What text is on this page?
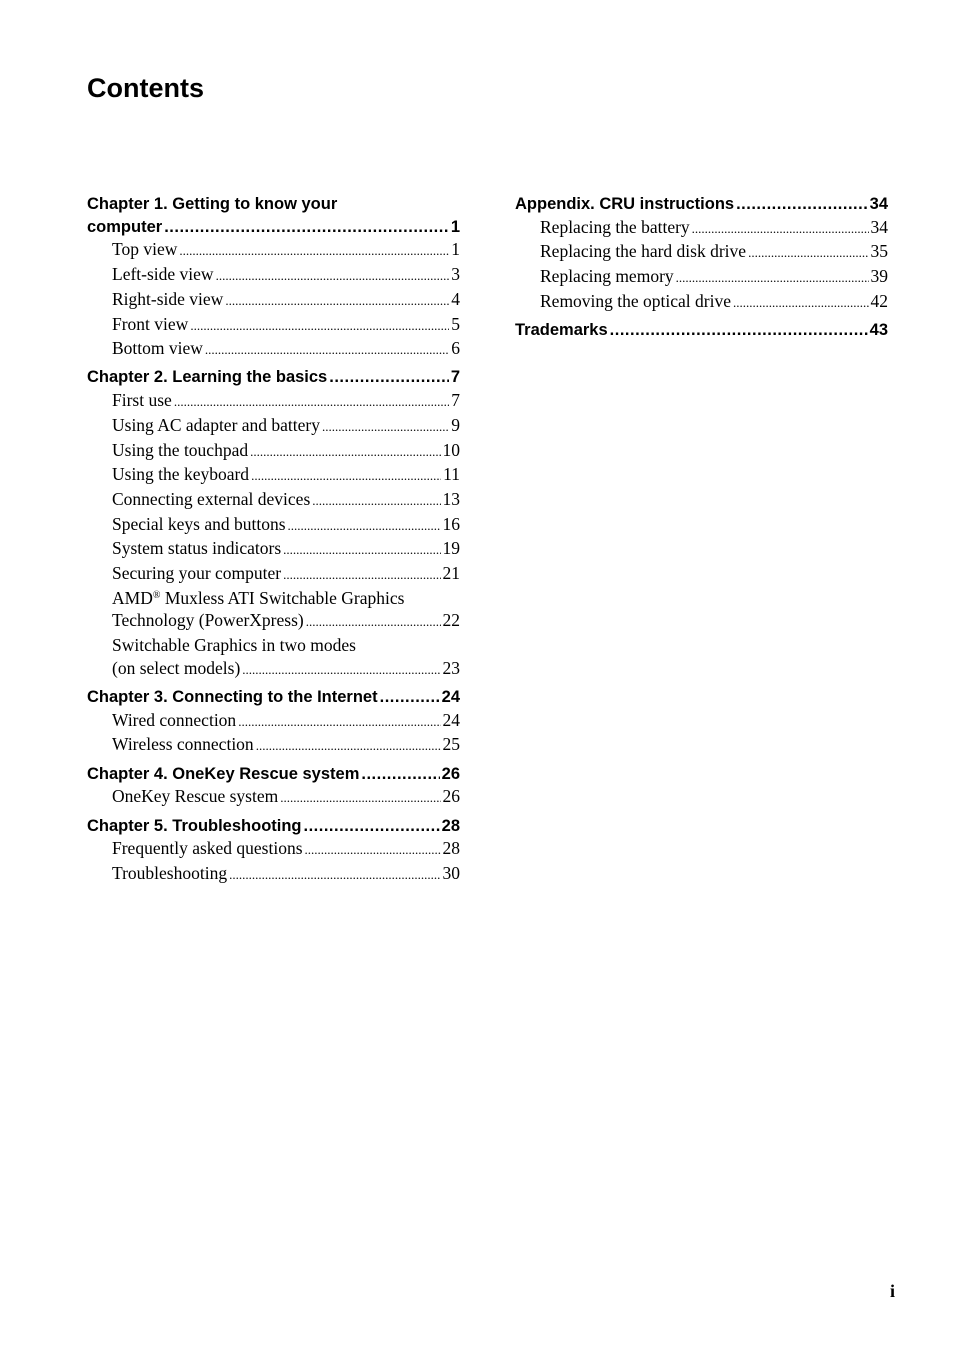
Contents
Chapter 1. Getting to know your
computer .....	1
Top view .....	1
Left-side view .....	3
Right-side view .....	4
Front view .....	5
Bottom view .....	6
Chapter 2. Learning the basics .....	7
First use .....	7
Using AC adapter and battery .....	9
Using the touchpad .....	10
Using the keyboard .....	11
Connecting external devices .....	13
Special keys and buttons .....	16
System status indicators .....	19
Securing your computer .....	21
AMD® Muxless ATI Switchable Graphics
Technology (PowerXpress) .....	22
Switchable Graphics in two modes
(on select models) .....	23
Chapter 3. Connecting to the Internet .....	24
Wired connection .....	24
Wireless connection .....	25
Chapter 4. OneKey Rescue system .....	26
OneKey Rescue system .....	26
Chapter 5. Troubleshooting .....	28
Frequently asked questions .....	28
Troubleshooting .....	30
Appendix. CRU instructions .....	34
Replacing the battery .....	34
Replacing the hard disk drive .....	35
Replacing memory .....	39
Removing the optical drive .....	42
Trademarks .....	43
i
